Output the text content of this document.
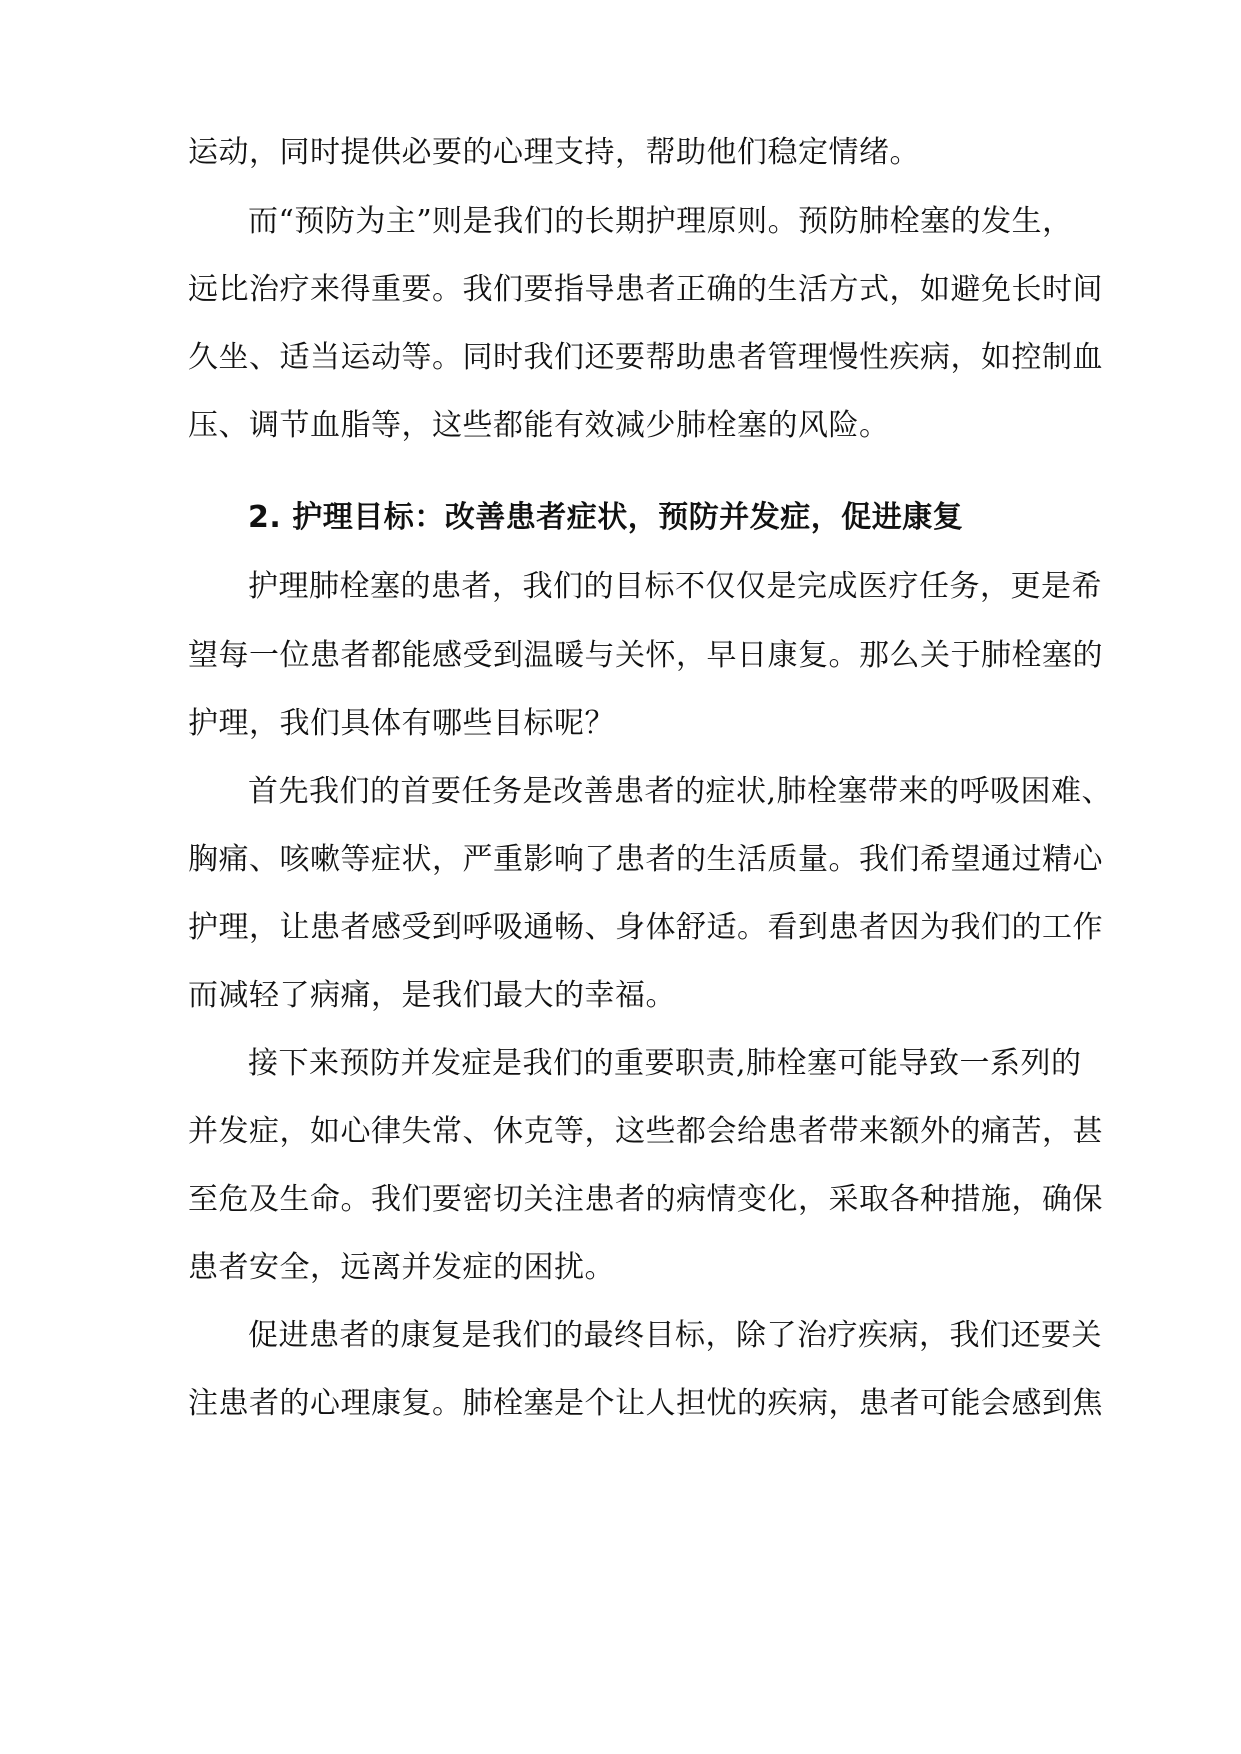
运动，同时提供必要的心理支持，帮助他们稳定情绪。
而“预防为主”则是我们的长期护理原则。预防肺栓塞的发生，
远比治疗来得重要。我们要指导患者正确的生活方式，如避免长时间
久坐、适当运动等。同时我们还要帮助患者管理慢性疾病，如控制血
压、调节血脂等，这些都能有效减少肺栓塞的风险。
2. 护理目标：改善患者症状，预防并发症，促进康复
护理肺栓塞的患者，我们的目标不仅仅是完成医疗任务，更是希
望每一位患者都能感受到温暖与关怀，早日康复。那么关于肺栓塞的
护理，我们具体有哪些目标呢？
首先我们的首要任务是改善患者的症状,肺栓塞带来的呼吸困难、
胸痛、咳嗽等症状，严重影响了患者的生活质量。我们希望通过精心
护理，让患者感受到呼吸通畅、身体舒适。看到患者因为我们的工作
而减轻了病痛，是我们最大的幸福。
接下来预防并发症是我们的重要职责,肺栓塞可能导致一系列的
并发症，如心律失常、休克等，这些都会给患者带来额外的痛苦，甚
至危及生命。我们要密切关注患者的病情变化，采取各种措施，确保
患者安全，远离并发症的困扰。
促进患者的康复是我们的最终目标，除了治疗疾病，我们还要关
注患者的心理康复。肺栓塞是个让人担忧的疾病，患者可能会感到焦
